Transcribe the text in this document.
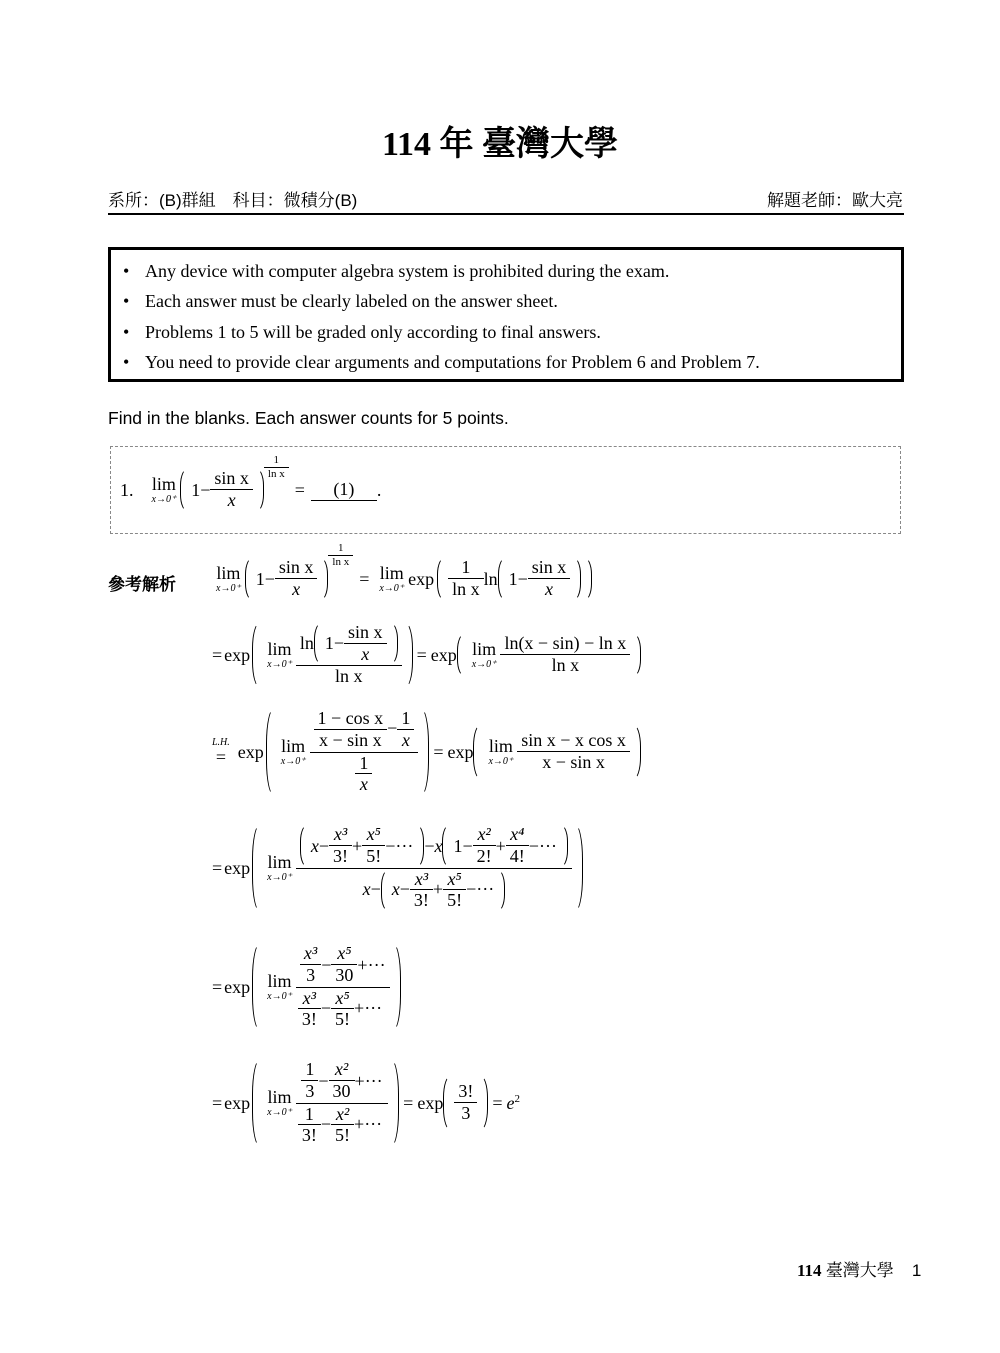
114 年 臺灣大學
系所：(B)群組　科目：微積分(B)	解題老師：歐大亮
• Any device with computer algebra system is prohibited during the exam.
• Each answer must be clearly labeled on the answer sheet.
• Problems 1 to 5 will be graded only according to final answers.
• You need to provide clear arguments and computations for Problem 6 and Problem 7.
Find in the blanks. Each answer counts for 5 points.
1. lim
x→0⁺ $1 - \frac{\text{sin x}}{x}$
$\frac{1}{\text{ln x}}$
=	(1)	.
參考解析
lim
x→0⁺ $1 - \frac{\text{sin x}}{x}$
$\frac{1}{\text{ln x}}$
= lim
x→0⁺ $\exp \frac{1}{\text{ln x}}$ $\ln 1 - \frac{\text{sin x}}{x}$
= exp lim
$x\to 0^+ \frac{\ln 1 - \frac{\text{sin x}}{x}}{\text{ln x}} = \exp \lim$
$x\to 0^+ \frac{\text{ln(x − sin) − ln x}}{\text{ln x}}$
L.H.
= exp lim
$x\to 0^+ \frac{\frac{\text{1 − cos x}}{\text{x − sin x}} - \frac{1}{x}}{\frac{1}{x}} = \exp \lim$
$x\to 0^+ \frac{\text{sin x − x cos x}}{\text{x − sin x}}$
= exp lim
$x\to 0^+ \frac{x - \frac{\text{x³}}{3!} + \frac{\text{x⁵}}{5!} - \cdot\cdot\cdot - x 1 - \frac{\text{x²}}{2!} + \frac{\text{x⁴}}{4!} - \cdot\cdot\cdot}{x - x - \frac{\text{x³}}{3!} + \frac{\text{x⁵}}{5!} - \cdot\cdot\cdot}$
= exp lim
$x\to 0^+ \frac{\frac{\text{x³}}{3} - \frac{\text{x⁵}}{30} + \cdot\cdot\cdot}{\frac{\text{x³}}{3!} - \frac{\text{x⁵}}{5!} + \cdot\cdot\cdot}$
= exp lim
$x\to 0^+ \frac{\frac{1}{3} - \frac{\text{x²}}{30} + \cdot\cdot\cdot}{\frac{1}{3!} - \frac{\text{x²}}{5!} + \cdot\cdot\cdot} = \exp \frac{3!}{3} = e^2$
114 臺灣大學 1
